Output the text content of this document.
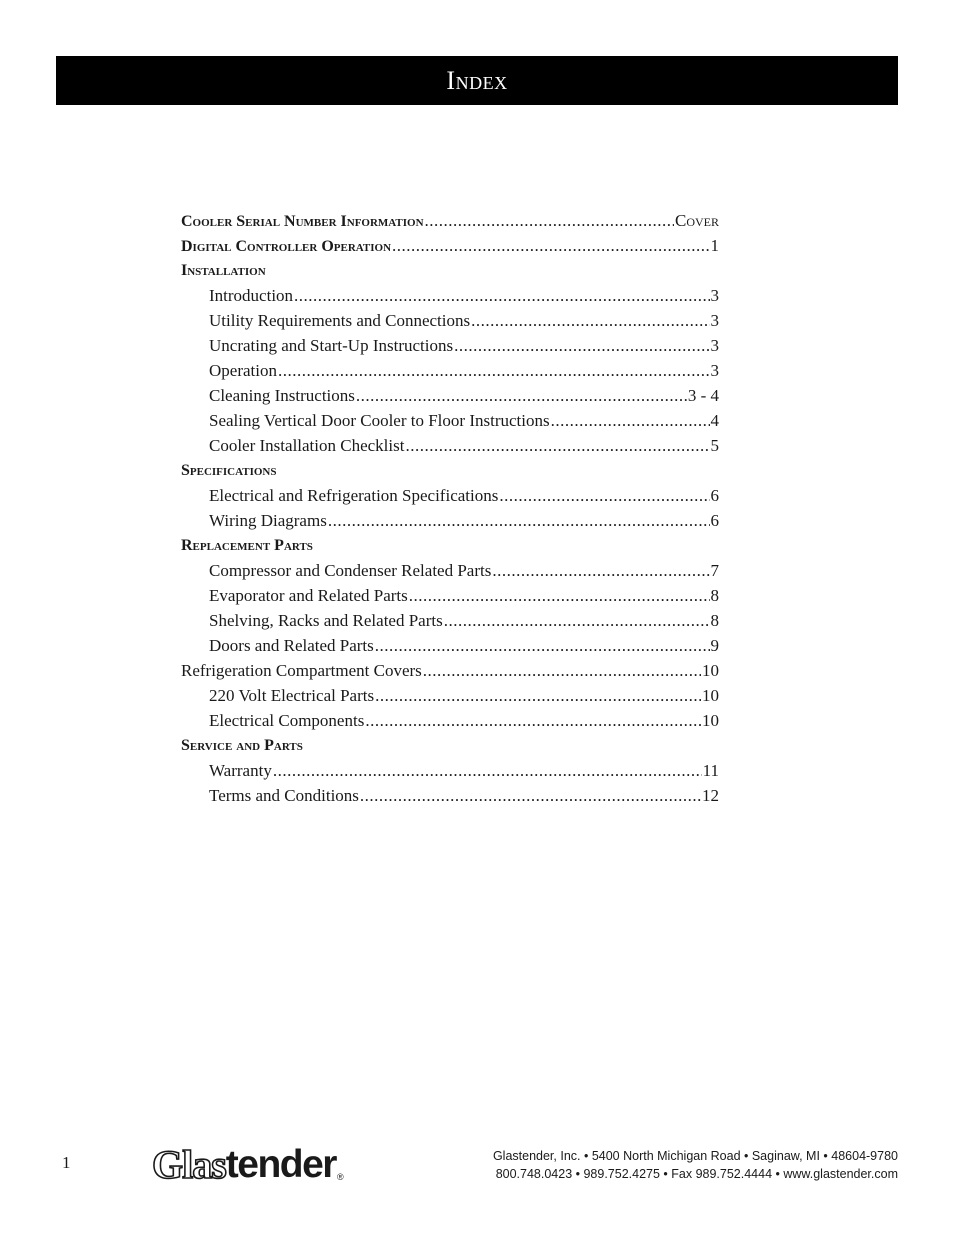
Index
Cooler Serial Number Information .....	Cover
Digital Controller Operation .....	1
Installation
Introduction .....	3
Utility Requirements and Connections .....	3
Uncrating and Start-Up Instructions .....	3
Operation .....	3
Cleaning Instructions .....	3 - 4
Sealing Vertical Door Cooler to Floor Instructions .....	4
Cooler Installation Checklist .....	5
Specifications
Electrical and Refrigeration Specifications .....	6
Wiring Diagrams .....	6
Replacement Parts
Compressor and Condenser Related Parts .....	7
Evaporator and Related Parts .....	8
Shelving, Racks and Related Parts .....	8
Doors and Related Parts .....	9
Refrigeration Compartment Covers .....	10
220 Volt Electrical Parts .....	10
Electrical Components .....	10
Service and Parts
Warranty .....	11
Terms and Conditions .....	12
1 Glas tender ®
Glastender, Inc. • 5400 North Michigan Road • Saginaw, MI • 48604-9780
800.748.0423 • 989.752.4275 • Fax 989.752.4444 • www.glastender.com
